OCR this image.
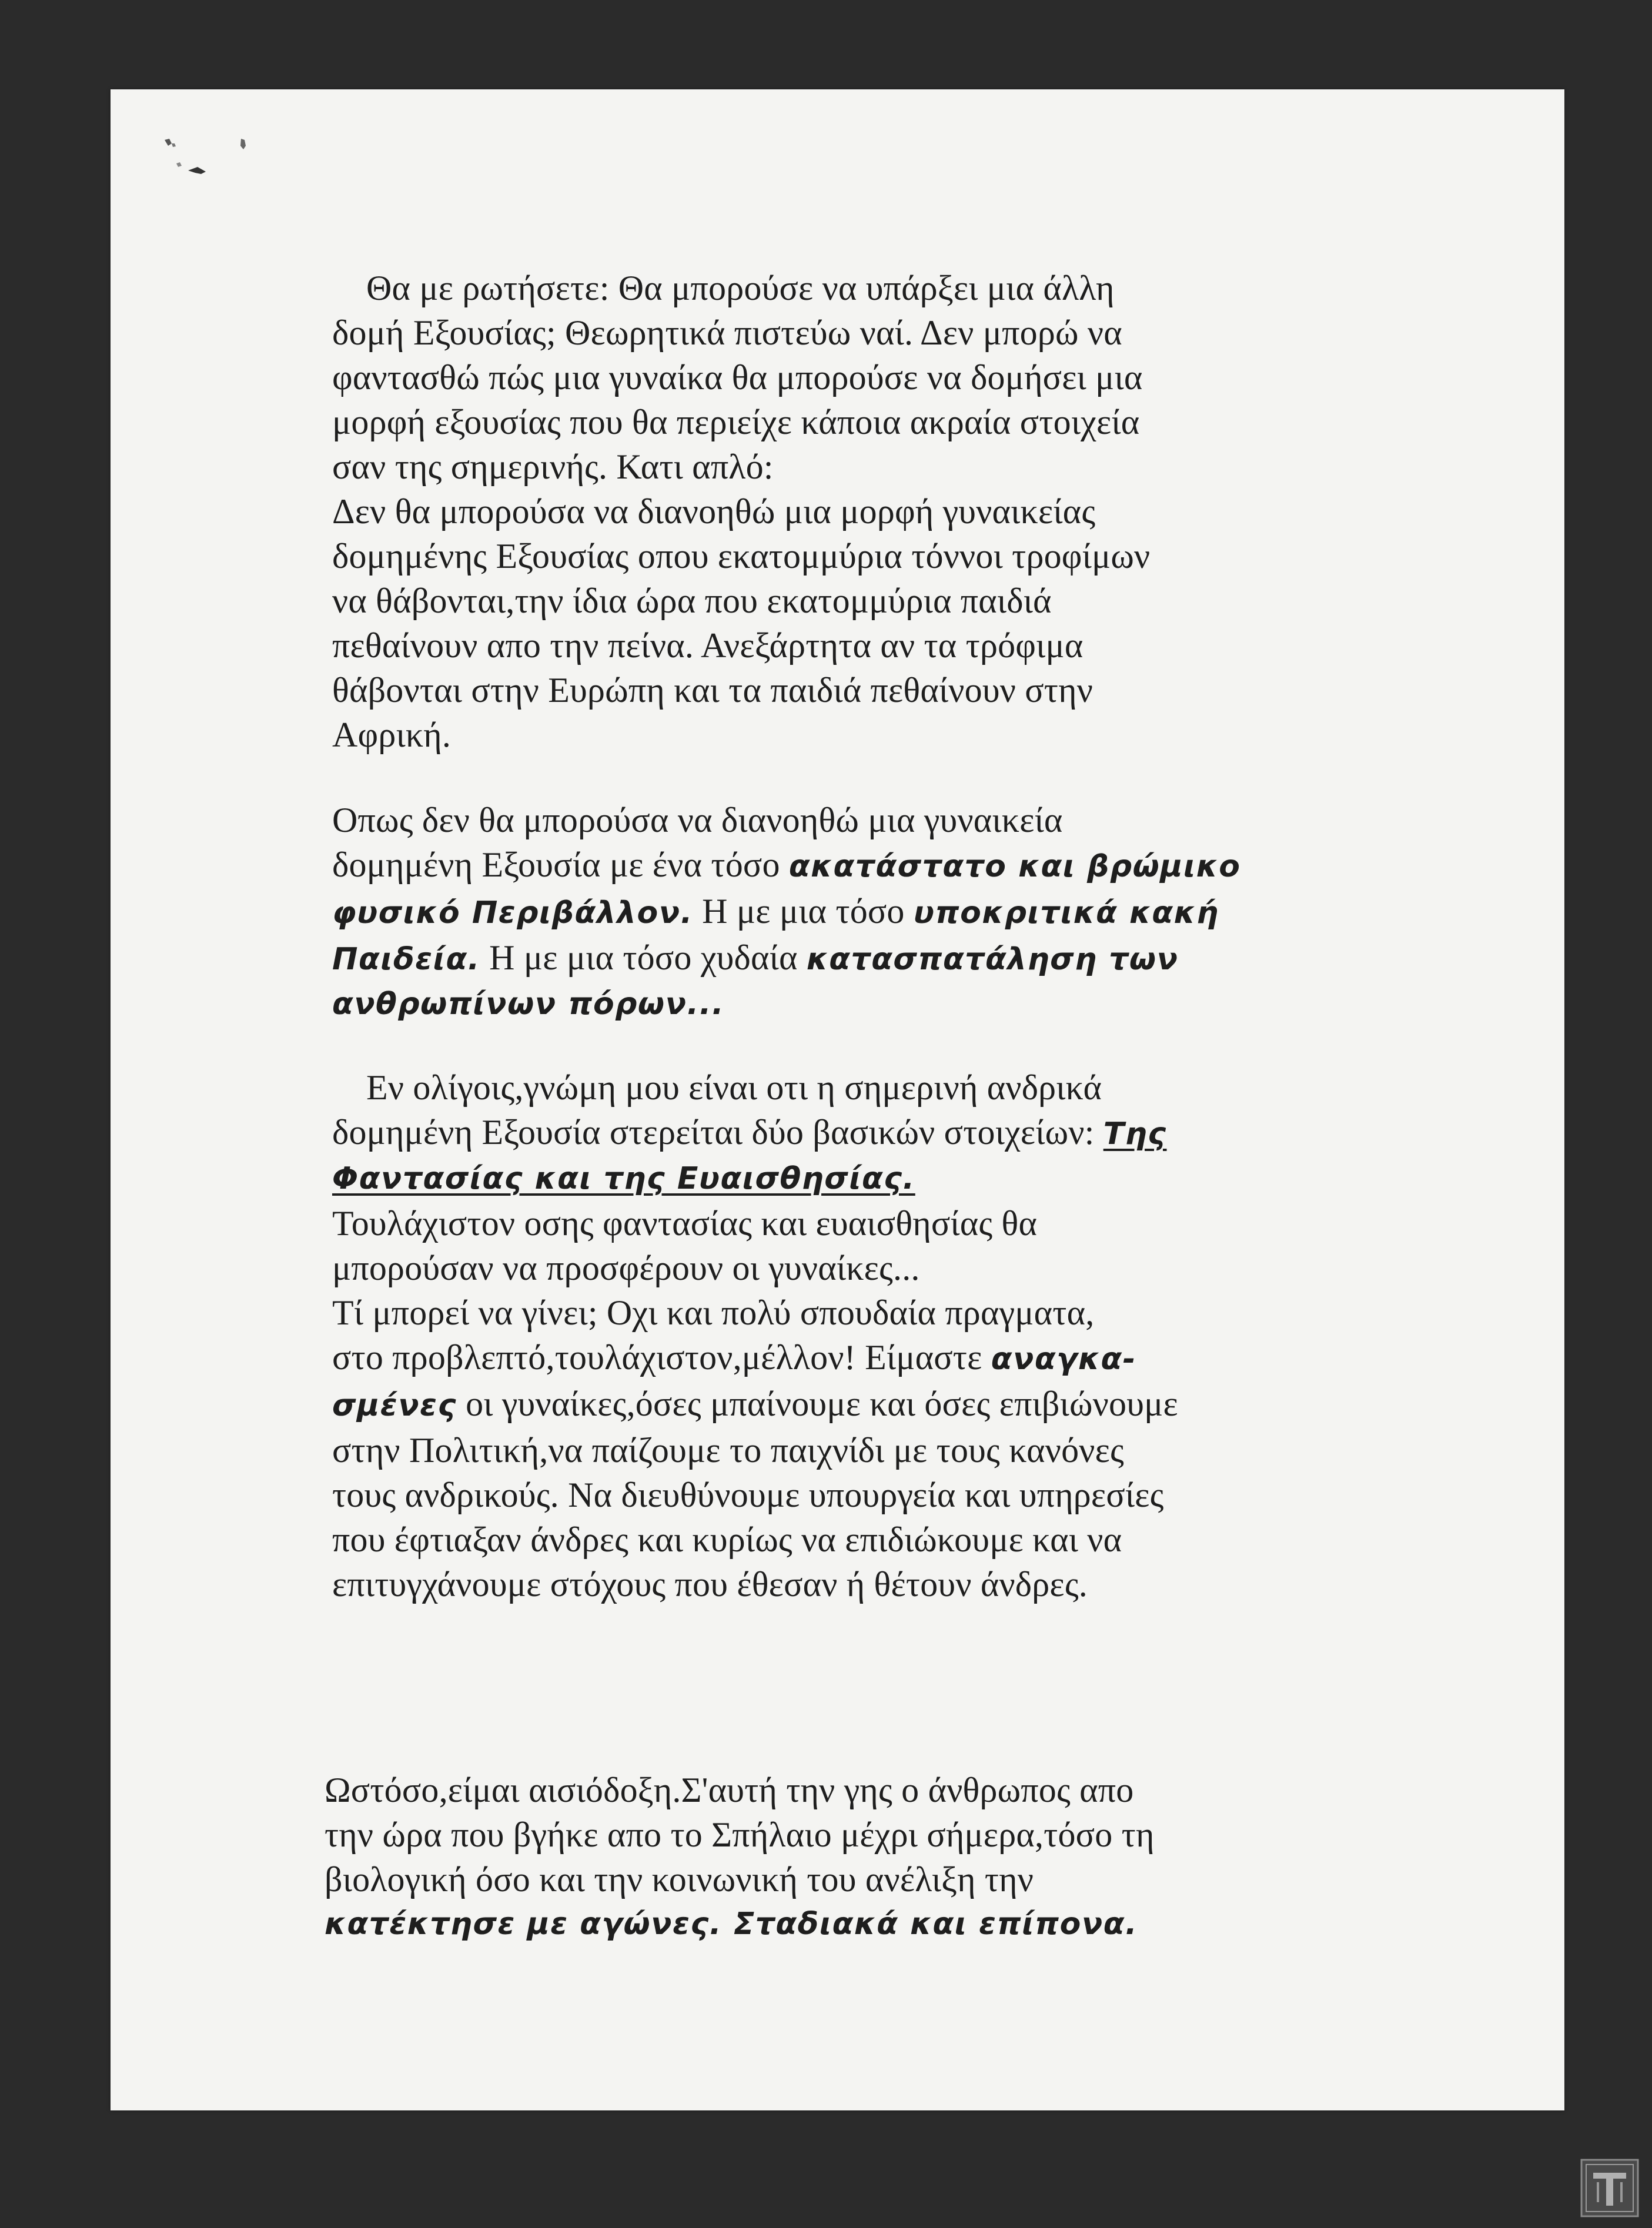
Θα με ρωτήσετε: Θα μπορούσε να υπάρξει μια άλλη
δομή Εξουσίας; Θεωρητικά πιστεύω ναί. Δεν μπορώ να
φαντασθώ πώς μια γυναίκα θα μπορούσε να δομήσει μια
μορφή εξουσίας που θα περιείχε κάποια ακραία στοιχεία
σαν της σημερινής. Κατι απλό:
Δεν θα μπορούσα να διανοηθώ μια μορφή γυναικείας
δομημένης Εξουσίας οπου εκατομμύρια τόννοι τροφίμων
να θάβονται,την ίδια ώρα που εκατομμύρια παιδιά
πεθαίνουν απο την πείνα. Ανεξάρτητα αν τα τρόφιμα
θάβονται στην Ευρώπη και τα παιδιά πεθαίνουν στην
Αφρική.
Οπως δεν θα μπορούσα να διανοηθώ μια γυναικεία
δομημένη Εξουσία με ένα τόσο ακατάστατο και βρώμικο
φυσικό Περιβάλλον. Η με μια τόσο υποκριτικά κακή
Παιδεία. Η με μια τόσο χυδαία κατασπατάληση των
ανθρωπίνων πόρων...
Εν ολίγοις,γνώμη μου είναι οτι η σημερινή ανδρικά
δομημένη Εξουσία στερείται δύο βασικών στοιχείων: Της
Φαντασίας και της Ευαισθησίας.
Τουλάχιστον οσης φαντασίας και ευαισθησίας θα
μπορούσαν να προσφέρουν οι γυναίκες...
Τί μπορεί να γίνει; Οχι και πολύ σπουδαία πραγματα,
στο προβλεπτό,τουλάχιστον,μέλλον! Είμαστε αναγκα-
σμένες οι γυναίκες,όσες μπαίνουμε και όσες επιβιώνουμε
στην Πολιτική,να παίζουμε το παιχνίδι με τους κανόνες
τους ανδρικούς. Να διευθύνουμε υπουργεία και υπηρεσίες
που έφτιαξαν άνδρες και κυρίως να επιδιώκουμε και να
επιτυγχάνουμε στόχους που έθεσαν ή θέτουν άνδρες.
Ωστόσο,είμαι αισιόδοξη.Σ'αυτή την γης ο άνθρωπος απο
την ώρα που βγήκε απο το Σπήλαιο μέχρι σήμερα,τόσο τη
βιολογική όσο και την κοινωνική του ανέλιξη την
κατέκτησε με αγώνες. Σταδιακά και επίπονα.
